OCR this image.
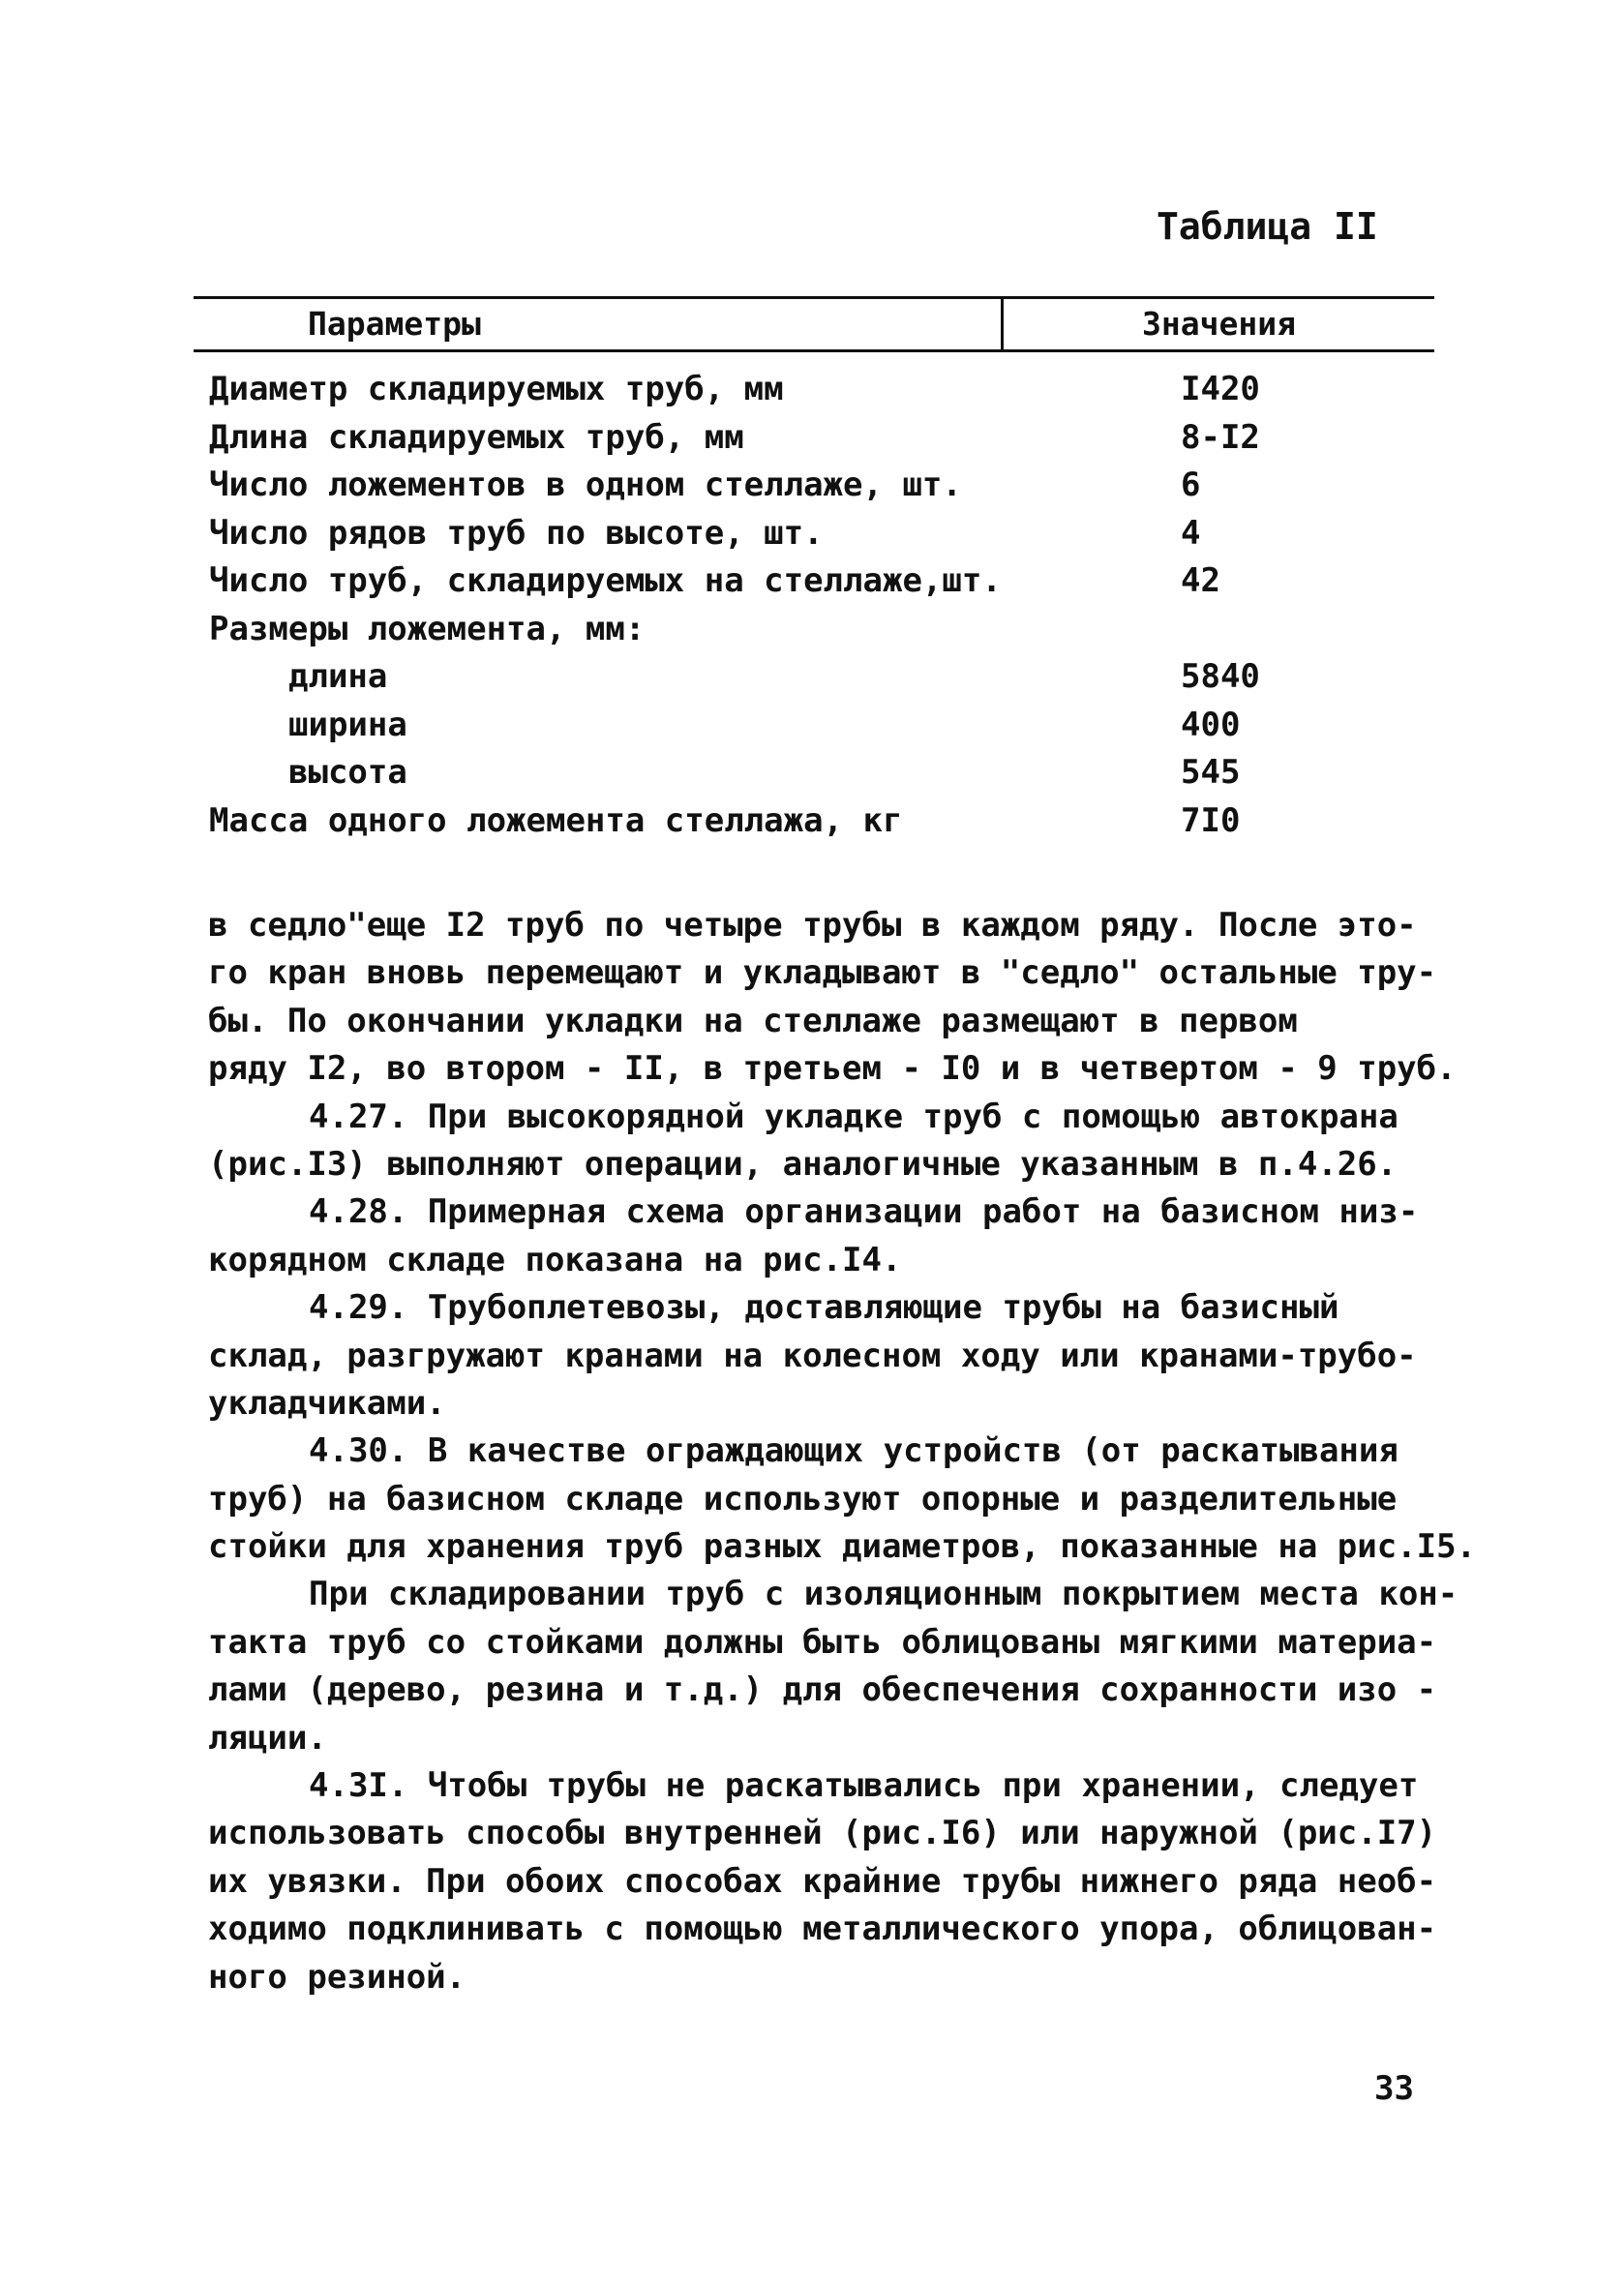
Таблица II
Параметры	Значения
Диаметр складируемых труб, мм	I420
Длина складируемых труб, мм	8-I2
Число ложементов в одном стеллаже, шт.	6
Число рядов труб по высоте, шт.	4
Число труб, складируемых на стеллаже,шт.	42
Размеры ложемента, мм:
длина	5840
ширина	400
высота	545
Масса одного ложемента стеллажа, кг	7I0
в седло"еще I2 труб по четыре трубы в каждом ряду. После это-
го кран вновь перемещают и укладывают в "седло" остальные тру-
бы. По окончании укладки на стеллаже размещают в первом
ряду I2, во втором - II, в третьем - I0 и в четвертом - 9 труб.
4.27. При высокорядной укладке труб с помощью автокрана
(рис.I3) выполняют операции, аналогичные указанным в п.4.26.
4.28. Примерная схема организации работ на базисном низ-
корядном складе показана на рис.I4.
4.29. Трубоплетевозы, доставляющие трубы на базисный
склад, разгружают кранами на колесном ходу или кранами-трубо-
укладчиками.
4.30. В качестве ограждающих устройств (от раскатывания
труб) на базисном складе используют опорные и разделительные
стойки для хранения труб разных диаметров, показанные на рис.I5.
При складировании труб с изоляционным покрытием места кон-
такта труб со стойками должны быть облицованы мягкими материа-
лами (дерево, резина и т.д.) для обеспечения сохранности изо -
ляции.
4.3I. Чтобы трубы не раскатывались при хранении, следует
использовать способы внутренней (рис.I6) или наружной (рис.I7)
их увязки. При обоих способах крайние трубы нижнего ряда необ-
ходимо подклинивать с помощью металлического упора, облицован-
ного резиной.
33
